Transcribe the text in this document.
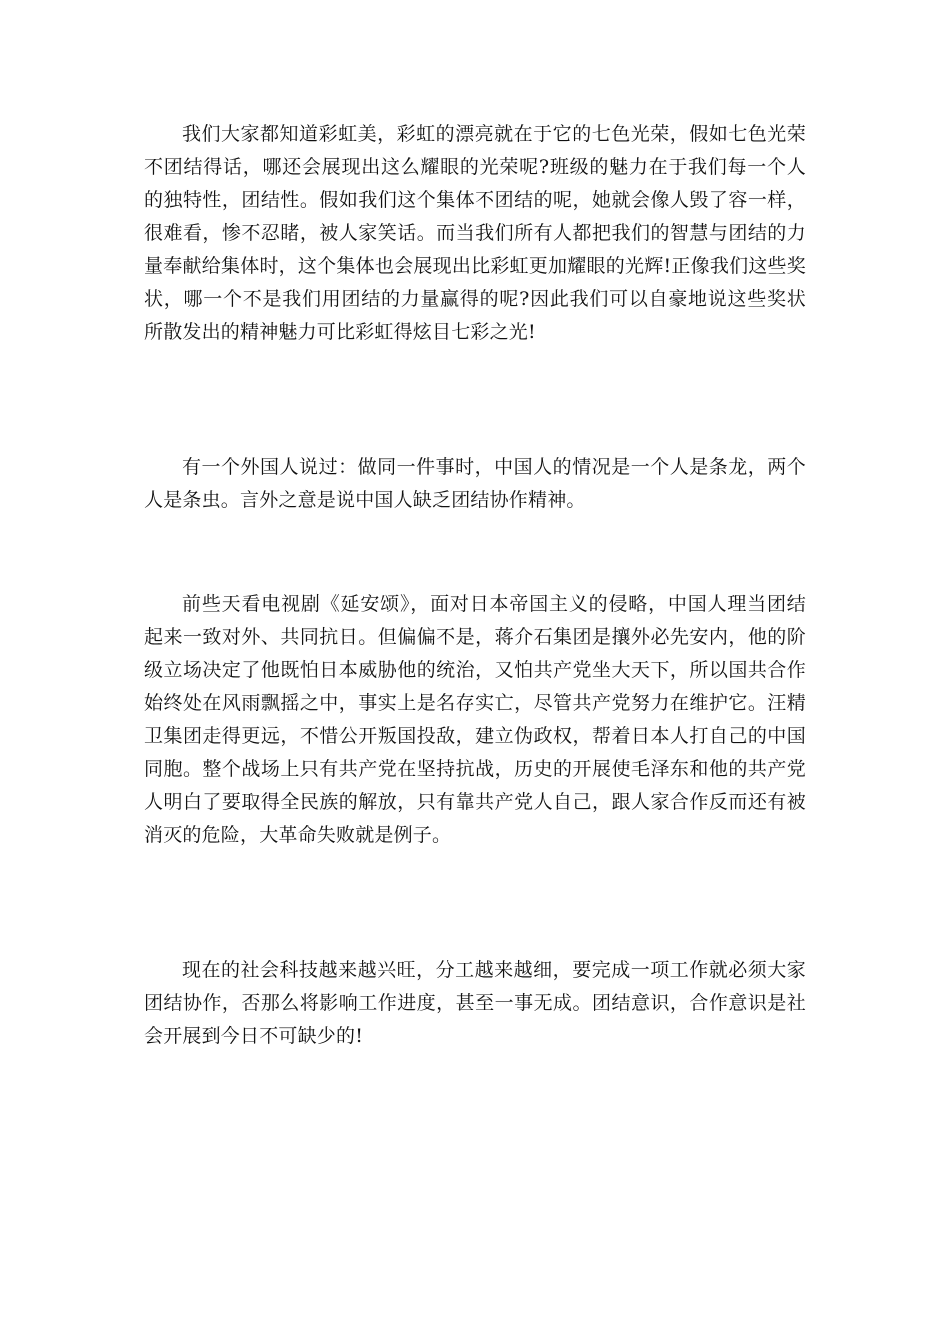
我们大家都知道彩虹美，彩虹的漂亮就在于它的七色光荣，假如七色光荣不团结得话，哪还会展现出这么耀眼的光荣呢?班级的魅力在于我们每一个人的独特性，团结性。假如我们这个集体不团结的呢，她就会像人毁了容一样，很难看，惨不忍睹，被人家笑话。而当我们所有人都把我们的智慧与团结的力量奉献给集体时，这个集体也会展现出比彩虹更加耀眼的光辉!正像我们这些奖状，哪一个不是我们用团结的力量赢得的呢?因此我们可以自豪地说这些奖状所散发出的精神魅力可比彩虹得炫目七彩之光!

有一个外国人说过：做同一件事时，中国人的情况是一个人是条龙，两个人是条虫。言外之意是说中国人缺乏团结协作精神。

前些天看电视剧《延安颂》，面对日本帝国主义的侵略，中国人理当团结起来一致对外、共同抗日。但偏偏不是，蒋介石集团是攘外必先安内，他的阶级立场决定了他既怕日本威胁他的统治，又怕共产党坐大天下，所以国共合作始终处在风雨飘摇之中，事实上是名存实亡，尽管共产党努力在维护它。汪精卫集团走得更远，不惜公开叛国投敌，建立伪政权，帮着日本人打自己的中国同胞。整个战场上只有共产党在坚持抗战，历史的开展使毛泽东和他的共产党人明白了要取得全民族的解放，只有靠共产党人自己，跟人家合作反而还有被消灭的危险，大革命失败就是例子。

现在的社会科技越来越兴旺，分工越来越细，要完成一项工作就必须大家团结协作，否那么将影响工作进度，甚至一事无成。团结意识，合作意识是社会开展到今日不可缺少的!
